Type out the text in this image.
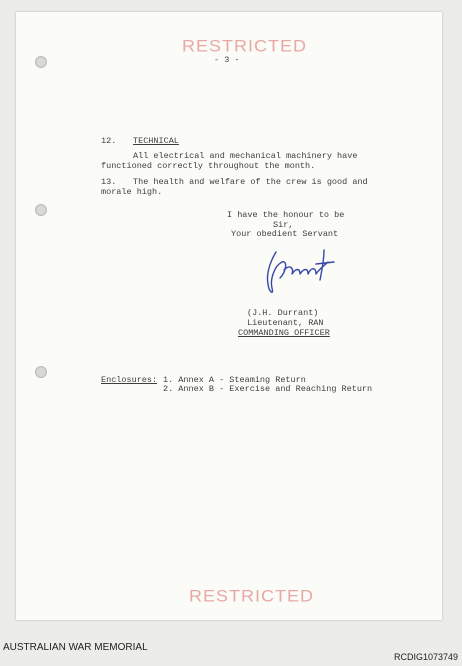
RESTRICTED
- 3 -
12. TECHNICAL
All electrical and mechanical machinery have
functioned correctly throughout the month.
13. The health and welfare of the crew is good and
morale high.
I have the honour to be
Sir,
Your obedient Servant
(J.H. Durrant)
Lieutenant, RAN
COMMANDING OFFICER
Enclosures: 1. Annex A - Steaming Return
2. Annex B - Exercise and Reaching Return
RESTRICTED
AUSTRALIAN WAR MEMORIAL
RCDIG1073749
